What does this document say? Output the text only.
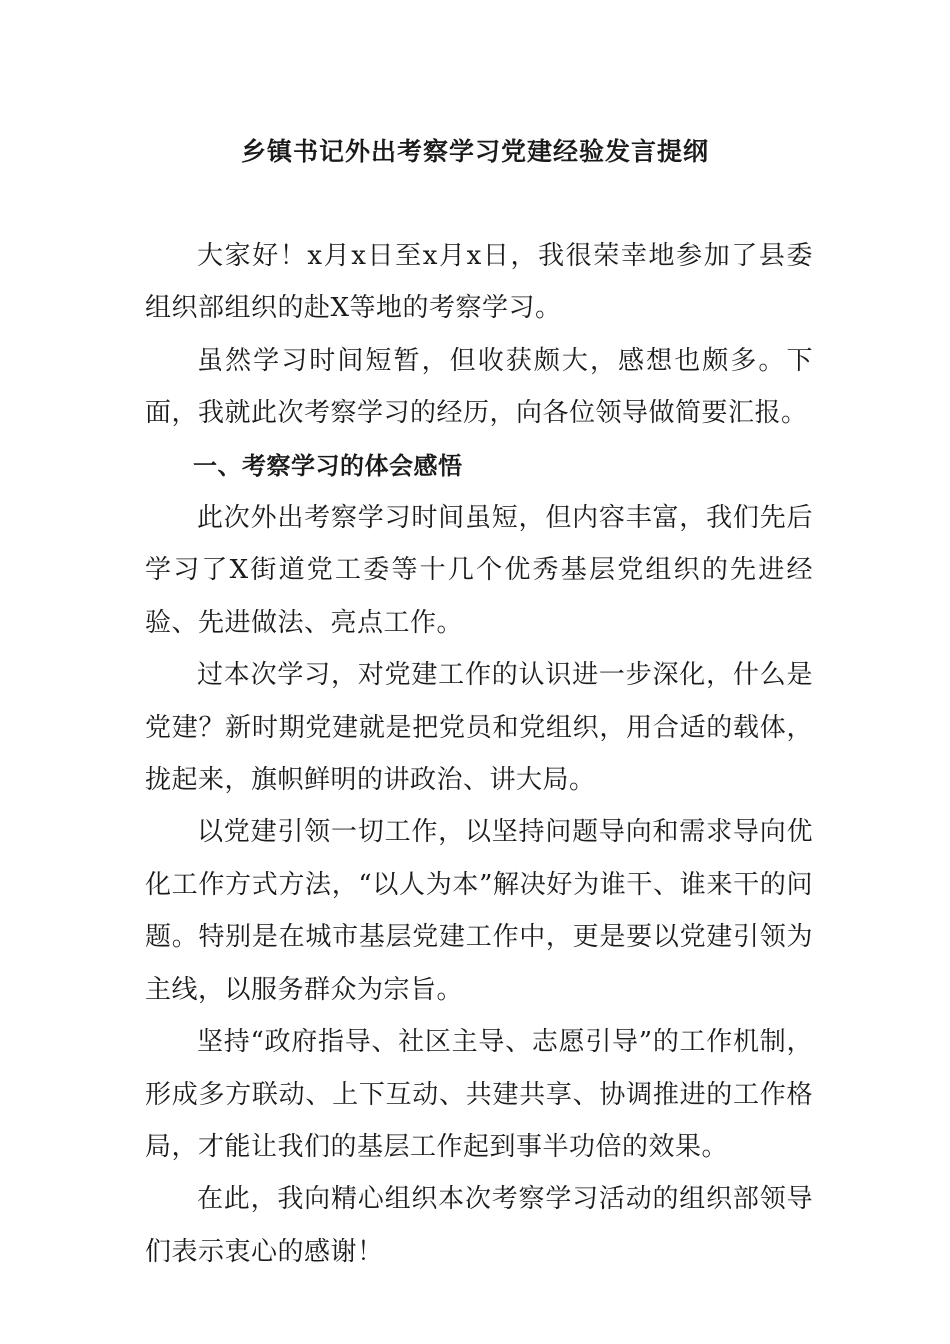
乡镇书记外出考察学习党建经验发言提纲

大家好！x月x日至x月x日，我很荣幸地参加了县委组织部组织的赴X等地的考察学习。

虽然学习时间短暂，但收获颇大，感想也颇多。下面，我就此次考察学习的经历，向各位领导做简要汇报。

一、考察学习的体会感悟

此次外出考察学习时间虽短，但内容丰富，我们先后学习了X街道党工委等十几个优秀基层党组织的先进经验、先进做法、亮点工作。

过本次学习，对党建工作的认识进一步深化，什么是党建？新时期党建就是把党员和党组织，用合适的载体，拢起来，旗帜鲜明的讲政治、讲大局。

以党建引领一切工作，以坚持问题导向和需求导向优化工作方式方法，“以人为本”解决好为谁干、谁来干的问题。特别是在城市基层党建工作中，更是要以党建引领为主线，以服务群众为宗旨。

坚持“政府指导、社区主导、志愿引导”的工作机制，形成多方联动、上下互动、共建共享、协调推进的工作格局，才能让我们的基层工作起到事半功倍的效果。

在此，我向精心组织本次考察学习活动的组织部领导们表示衷心的感谢！
